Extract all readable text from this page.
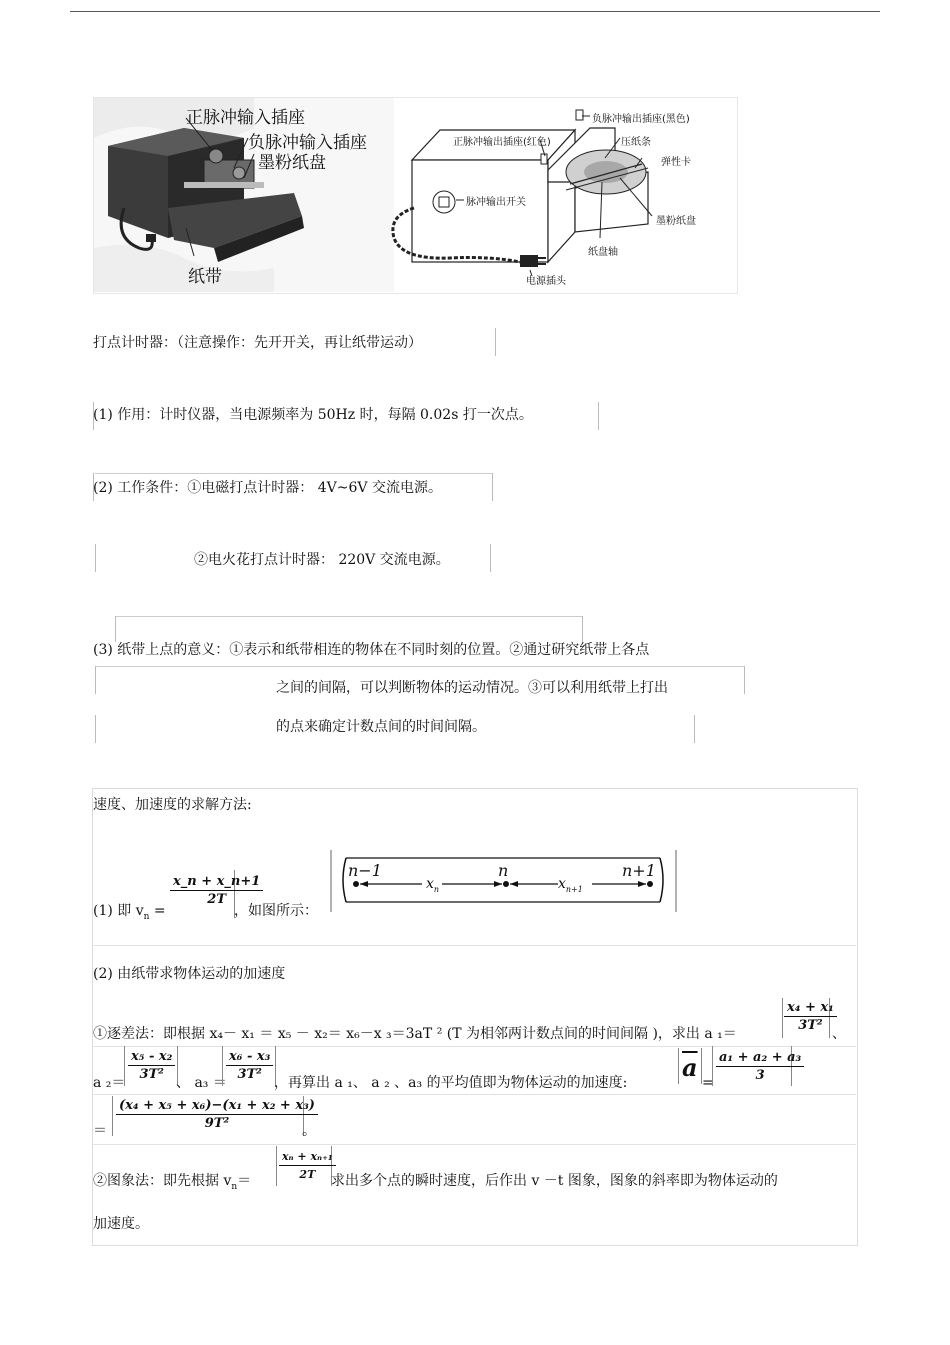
正脉冲输入插座
负脉冲输入插座
墨粉纸盘
纸带
负脉冲输出插座(黑色)
正脉冲输出插座(红色)	压纸条
弹性卡
脉冲输出开关
墨粉纸盘
纸盘轴
电源插头
打点计时器：（注意操作：先开开关，再让纸带运动）
(1) 作用：计时仪器，当电源频率为 50Hz 时，每隔 0.02s 打一次点。
(2) 工作条件：①电磁打点计时器： 4V~6V 交流电源。
②电火花打点计时器： 220V 交流电源。
(3) 纸带上点的意义：①表示和纸带相连的物体在不同时刻的位置。②通过研究纸带上各点
之间的间隔，可以判断物体的运动情况。③可以利用纸带上打出
的点来确定计数点间的时间间隔。
速度、加速度的求解方法:
(1) 即 $v_n$ =
$\frac{x\_n + x\_n+1}{2T}$
，如图所示：
n−1	n	n+1
$x_n$	$x_{n+1}$
(2) 由纸带求物体运动的加速度
①逐差法：即根据 x₄－ x₁ ＝ x₅ － x₂＝ x₆－x ₃＝3aT ² (T 为相邻两计数点间的时间间隔 )，求出 a ₁＝
$\frac{\text{x₄ + x₁}}{\text{3T²}}$
、
a ₂＝
$\frac{\text{x₅ - x₂}}{\text{3T²}}$
、 a₃ ＝
$\frac{\text{x₆ - x₃}}{\text{3T²}}$
，再算出 a ₁、 a ₂ 、a₃ 的平均值即为物体运动的加速度:
$\overline{a}$
= $\frac{\text{a₁ + a₂ + a₃}}{3}$
＝ $\frac{\text{(x₄ + x₅ + x₆)−(x₁ + x₂ + x₃)}}{\text{9T²}}$
。
②图象法：即先根据 $v_n=$	$\frac{\text{xₙ + xₙ₊₁}}{2T}$
求出多个点的瞬时速度，后作出 v －t 图象，图象的斜率即为物体运动的
加速度。
